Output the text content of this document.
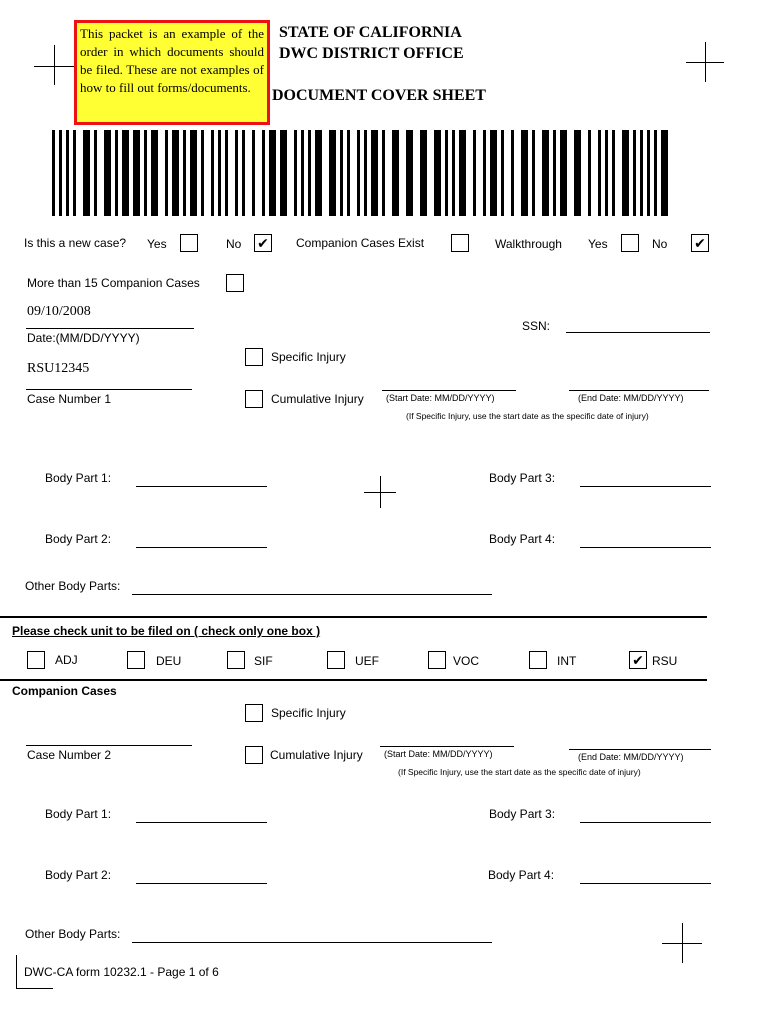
This packet is an example of the order in which documents should be filed. These are not examples of how to fill out forms/documents.
STATE OF CALIFORNIA
DWC DISTRICT OFFICE
DOCUMENT COVER SHEET
Is this a new case? Yes	No ✔ Companion Cases Exist	Walkthrough Yes	No ✔
More than 15 Companion Cases
09/10/2008
Date:(MM/DD/YYYY)
SSN:
Specific Injury
RSU12345
Case Number 1	Cumulative Injury (Start Date: MM/DD/YYYY)	(End Date: MM/DD/YYYY)
(If Specific Injury, use the start date as the specific date of injury)
Body Part 1:	Body Part 3:
Body Part 2:	Body Part 4:
Other Body Parts:
Please check unit to be filed on ( check only one box )
ADJ	DEU	SIF	UEF	VOC	INT	✔ RSU
Companion Cases
Specific Injury
Case Number 2	Cumulative Injury (Start Date: MM/DD/YYYY)	(End Date: MM/DD/YYYY)
(If Specific Injury, use the start date as the specific date of injury)
Body Part 1:	Body Part 3:
Body Part 2:	Body Part 4:
Other Body Parts:
DWC-CA form 10232.1 - Page 1 of 6
